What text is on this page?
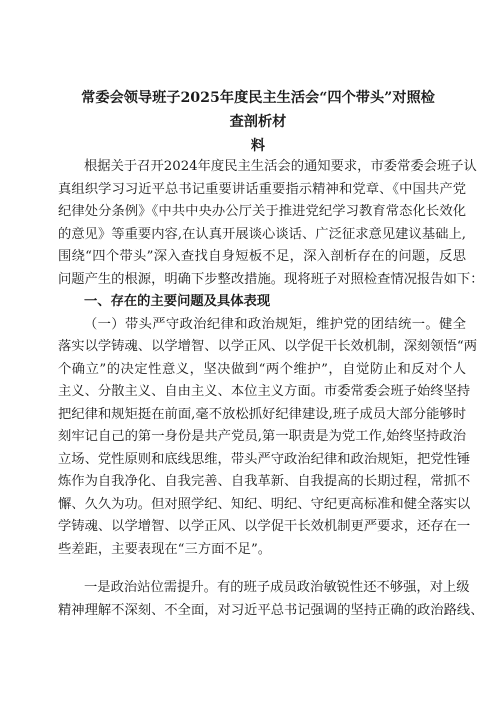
常委会领导班子2025年度民主生活会“四个带头”对照检查剖析材
料
根据关于召开2024年度民主生活会的通知要求，市委常委会班子认
真组织学习习近平总书记重要讲话重要指示精神和党章、《中国共产党
纪律处分条例》《中共中央办公厅关于推进党纪学习教育常态化长效化
的意见》等重要内容,在认真开展谈心谈话、广泛征求意见建议基础上,
围绕“四个带头”深入查找自身短板不足，深入剖析存在的问题，反思
问题产生的根源，明确下步整改措施。现将班子对照检查情况报告如下：
一、存在的主要问题及具体表现
（一）带头严守政治纪律和政治规矩，维护党的团结统一。健全
落实以学铸魂、以学增智、以学正风、以学促干长效机制，深刻领悟“两
个确立”的决定性意义，坚决做到“两个维护”，自觉防止和反对个人
主义、分散主义、自由主义、本位主义方面。市委常委会班子始终坚持
把纪律和规矩挺在前面,毫不放松抓好纪律建设,班子成员大部分能够时
刻牢记自己的第一身份是共产党员,第一职责是为党工作,始终坚持政治
立场、党性原则和底线思维，带头严守政治纪律和政治规矩，把党性锤
炼作为自我净化、自我完善、自我革新、自我提高的长期过程，常抓不
懈、久久为功。但对照学纪、知纪、明纪、守纪更高标准和健全落实以
学铸魂、以学增智、以学正风、以学促干长效机制更严要求，还存在一
些差距，主要表现在“三方面不足”。
一是政治站位需提升。有的班子成员政治敏锐性还不够强，对上级
精神理解不深刻、不全面，对习近平总书记强调的坚持正确的政治路线、
